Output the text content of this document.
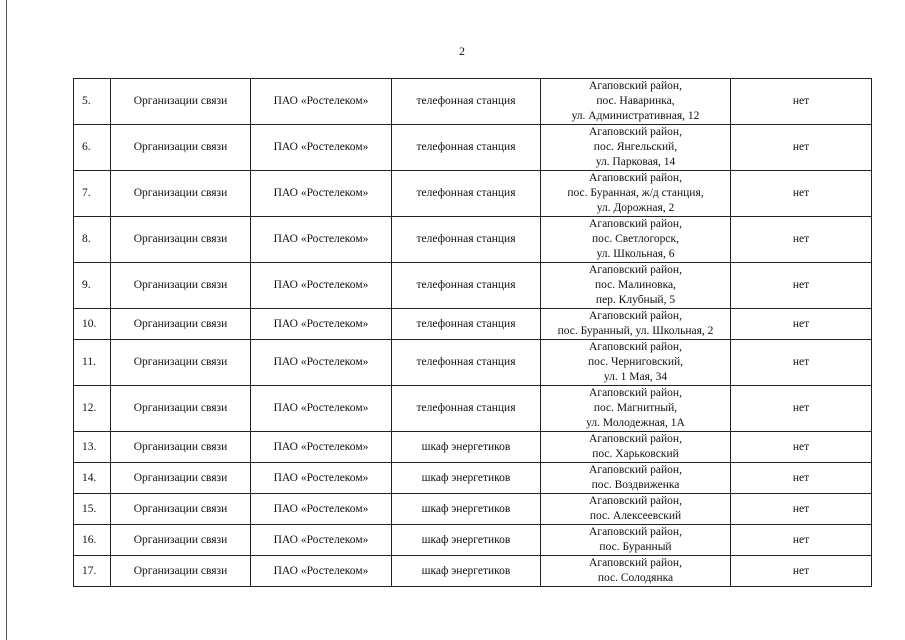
2
5.	Организации связи	ПАО «Ростелеком»	телефонная станция	Агаповский район,
пос. Наваринка,
ул. Административная, 12	нет
6.	Организации связи	ПАО «Ростелеком»	телефонная станция	Агаповский район,
пос. Янгельский,
ул. Парковая, 14	нет
7.	Организации связи	ПАО «Ростелеком»	телефонная станция	Агаповский район,
пос. Буранная, ж/д станция,
ул. Дорожная, 2	нет
8.	Организации связи	ПАО «Ростелеком»	телефонная станция	Агаповский район,
пос. Светлогорск,
ул. Школьная, 6	нет
9.	Организации связи	ПАО «Ростелеком»	телефонная станция	Агаповский район,
пос. Малиновка,
пер. Клубный, 5	нет
10.	Организации связи	ПАО «Ростелеком»	телефонная станция	Агаповский район,
пос. Буранный, ул. Школьная, 2	нет
11.	Организации связи	ПАО «Ростелеком»	телефонная станция	Агаповский район,
пос. Черниговский,
ул. 1 Мая, 34	нет
12.	Организации связи	ПАО «Ростелеком»	телефонная станция	Агаповский район,
пос. Магнитный,
ул. Молодежная, 1А	нет
13.	Организации связи	ПАО «Ростелеком»	шкаф энергетиков	Агаповский район,
пос. Харьковский	нет
14.	Организации связи	ПАО «Ростелеком»	шкаф энергетиков	Агаповский район,
пос. Воздвиженка	нет
15.	Организации связи	ПАО «Ростелеком»	шкаф энергетиков	Агаповский район,
пос. Алексеевский	нет
16.	Организации связи	ПАО «Ростелеком»	шкаф энергетиков	Агаповский район,
пос. Буранный	нет
17.	Организации связи	ПАО «Ростелеком»	шкаф энергетиков	Агаповский район,
пос. Солодянка	нет
